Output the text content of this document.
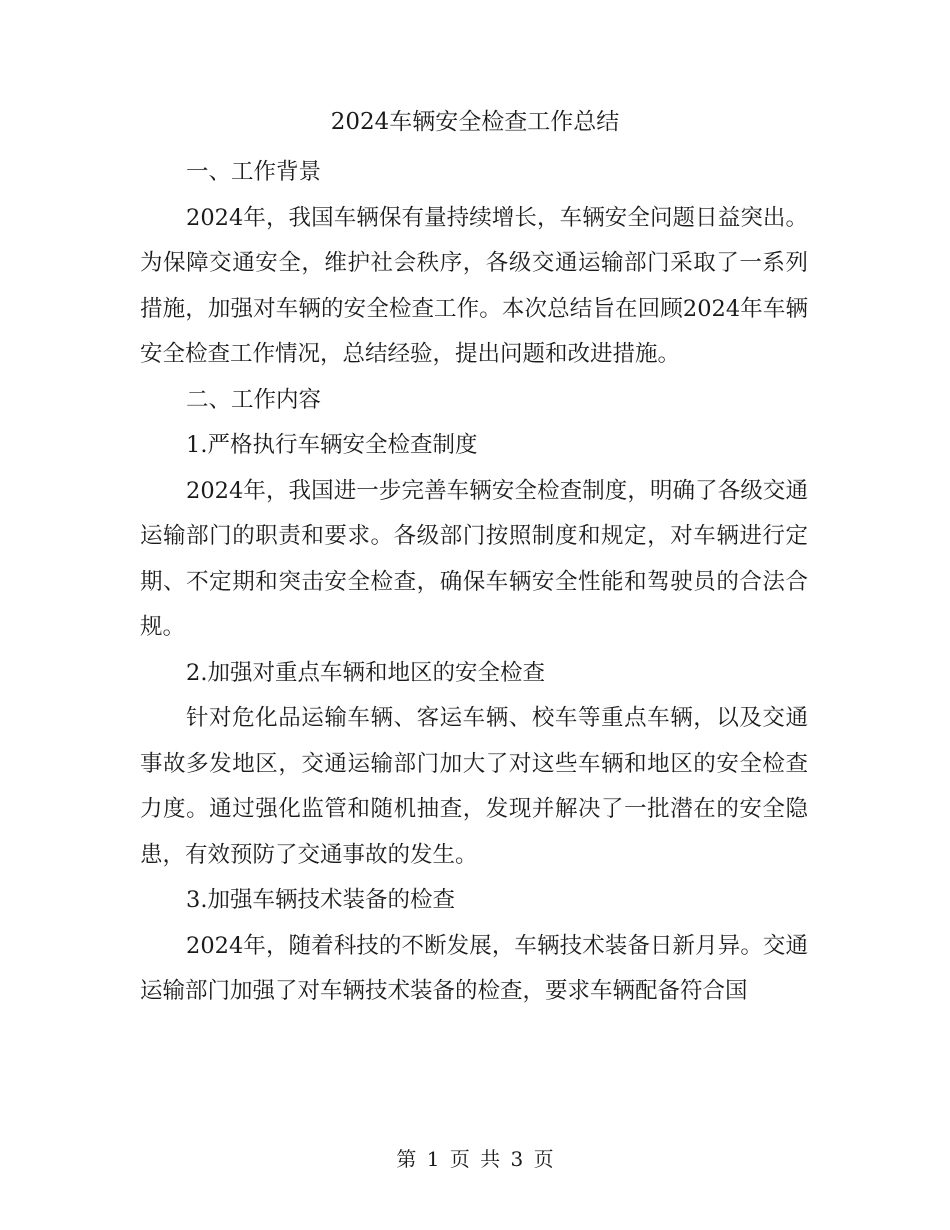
2024车辆安全检查工作总结

一、工作背景

2024年，我国车辆保有量持续增长，车辆安全问题日益突出。为保障交通安全，维护社会秩序，各级交通运输部门采取了一系列措施，加强对车辆的安全检查工作。本次总结旨在回顾2024年车辆安全检查工作情况，总结经验，提出问题和改进措施。

二、工作内容

1.严格执行车辆安全检查制度

2024年，我国进一步完善车辆安全检查制度，明确了各级交通运输部门的职责和要求。各级部门按照制度和规定，对车辆进行定期、不定期和突击安全检查，确保车辆安全性能和驾驶员的合法合规。

2.加强对重点车辆和地区的安全检查

针对危化品运输车辆、客运车辆、校车等重点车辆，以及交通事故多发地区，交通运输部门加大了对这些车辆和地区的安全检查力度。通过强化监管和随机抽查，发现并解决了一批潜在的安全隐患，有效预防了交通事故的发生。

3.加强车辆技术装备的检查

2024年，随着科技的不断发展，车辆技术装备日新月异。交通运输部门加强了对车辆技术装备的检查，要求车辆配备符合国

第 1 页 共 3 页
